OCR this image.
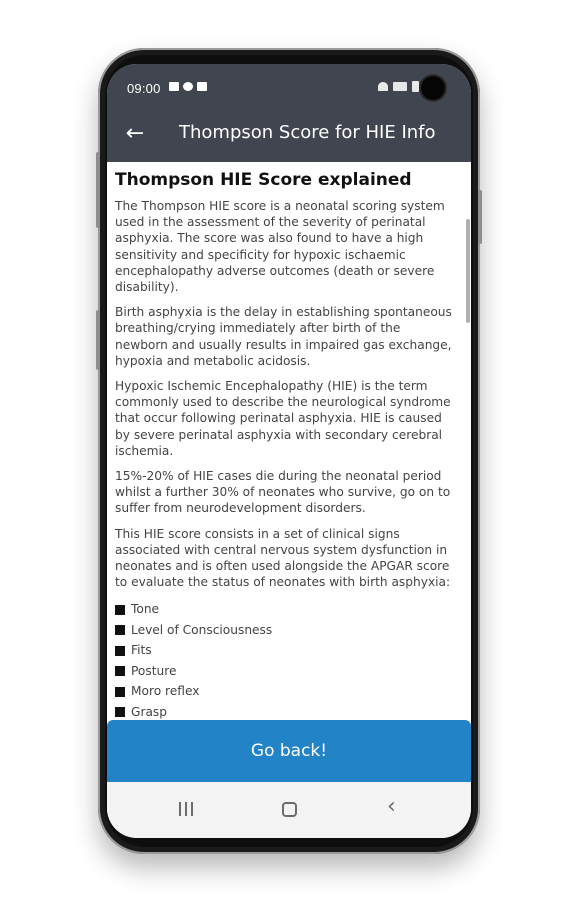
09:00
← Thompson Score for HIE Info
Thompson HIE Score explained
The Thompson HIE score is a neonatal scoring system
used in the assessment of the severity of perinatal
asphyxia. The score was also found to have a high
sensitivity and specificity for hypoxic ischaemic
encephalopathy adverse outcomes (death or severe
disability).
Birth asphyxia is the delay in establishing spontaneous
breathing/crying immediately after birth of the
newborn and usually results in impaired gas exchange,
hypoxia and metabolic acidosis.
Hypoxic Ischemic Encephalopathy (HIE) is the term
commonly used to describe the neurological syndrome
that occur following perinatal asphyxia. HIE is caused
by severe perinatal asphyxia with secondary cerebral
ischemia.
15%-20% of HIE cases die during the neonatal period
whilst a further 30% of neonates who survive, go on to
suffer from neurodevelopment disorders.
This HIE score consists in a set of clinical signs
associated with central nervous system dysfunction in
neonates and is often used alongside the APGAR score
to evaluate the status of neonates with birth asphyxia:
Tone
Level of Consciousness
Fits
Posture
Moro reflex
Grasp
Go back!
‹
